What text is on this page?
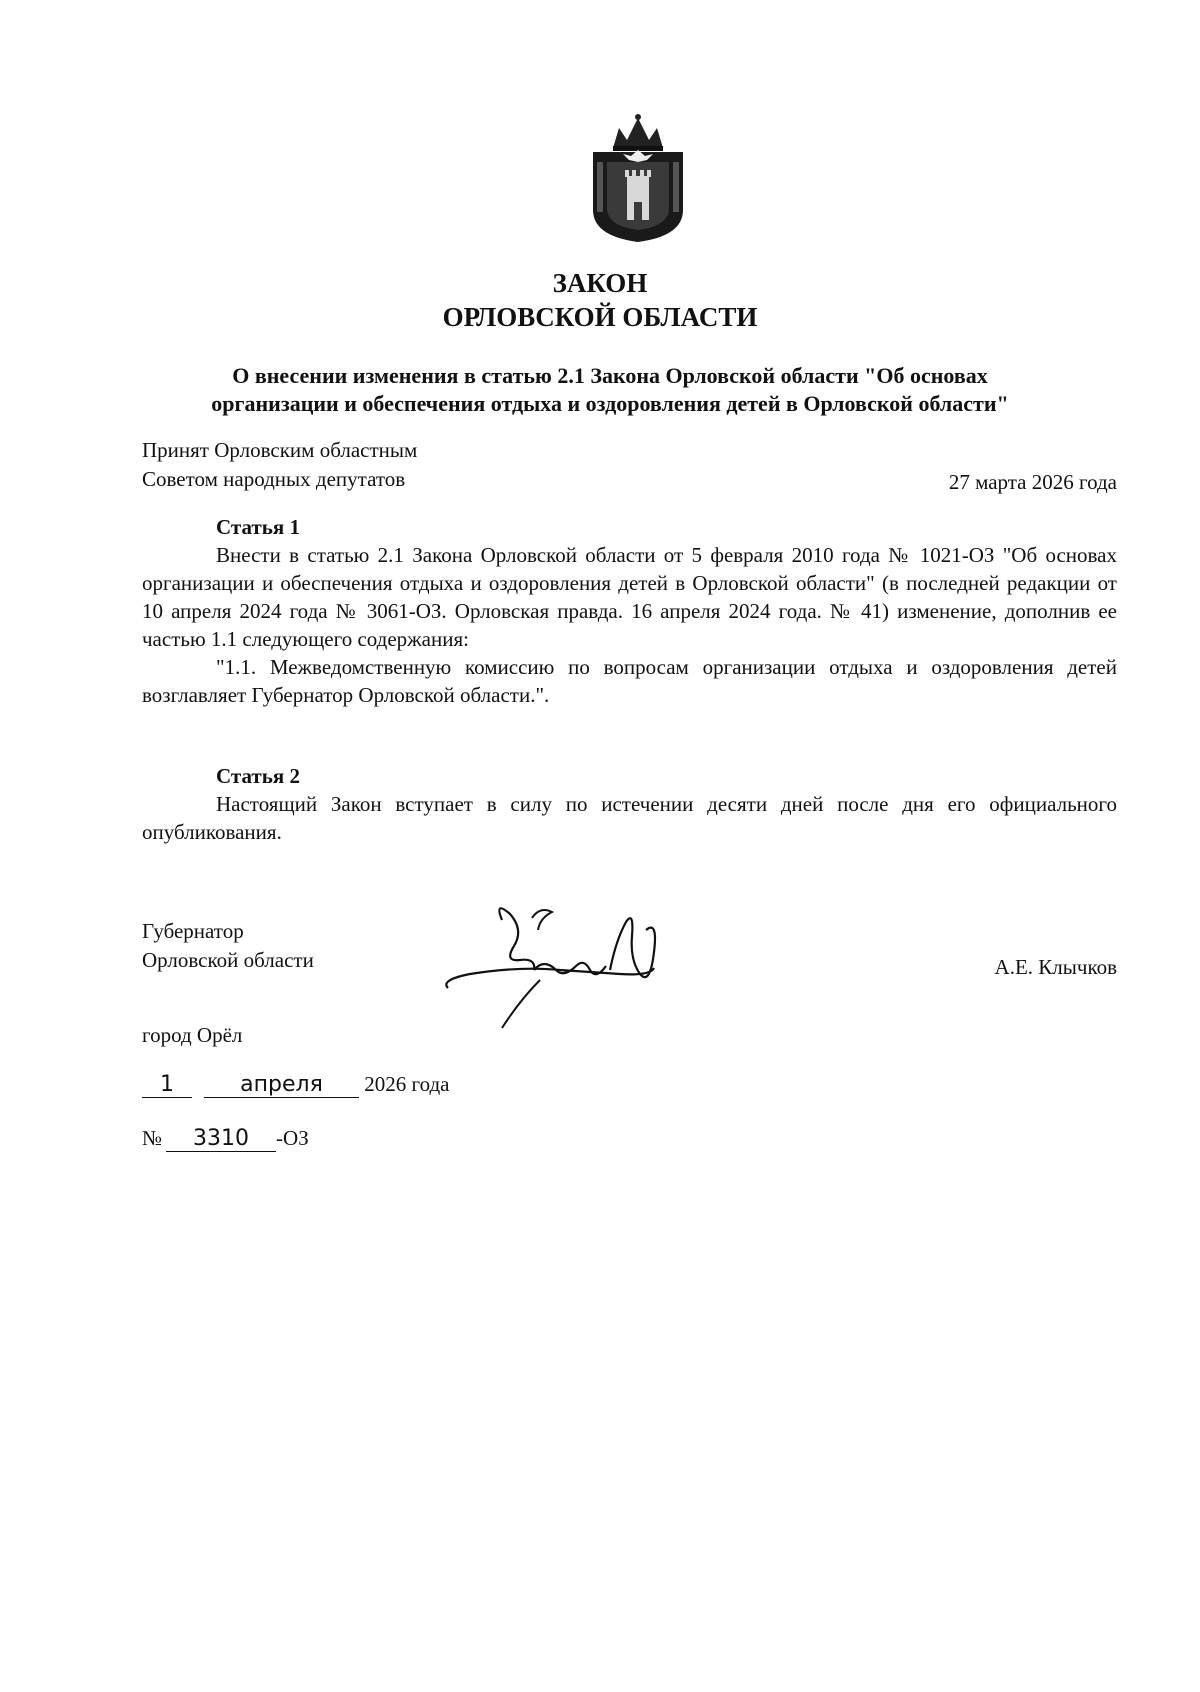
ЗАКОН
ОРЛОВСКОЙ ОБЛАСТИ
О внесении изменения в статью 2.1 Закона Орловской области "Об основах
организации и обеспечения отдыха и оздоровления детей в Орловской области"
Принят Орловским областным
Советом народных депутатов	27 марта 2026 года
Статья 1

Внести в статью 2.1 Закона Орловской области от 5 февраля 2010 года № 1021-ОЗ "Об основах организации и обеспечения отдыха и оздоровления детей в Орловской области" (в последней редакции от 10 апреля 2024 года № 3061-ОЗ. Орловская правда. 16 апреля 2024 года. № 41) изменение, дополнив ее частью 1.1 следующего содержания:

"1.1. Межведомственную комиссию по вопросам организации отдыха и оздоровления детей возглавляет Губернатор Орловской области.".

Статья 2

Настоящий Закон вступает в силу по истечении десяти дней после дня его официального опубликования.

Губернатор
Орловской области	А.Е. Клычков
город Орёл
1	апреля 2026 года
№ 3310 -ОЗ
